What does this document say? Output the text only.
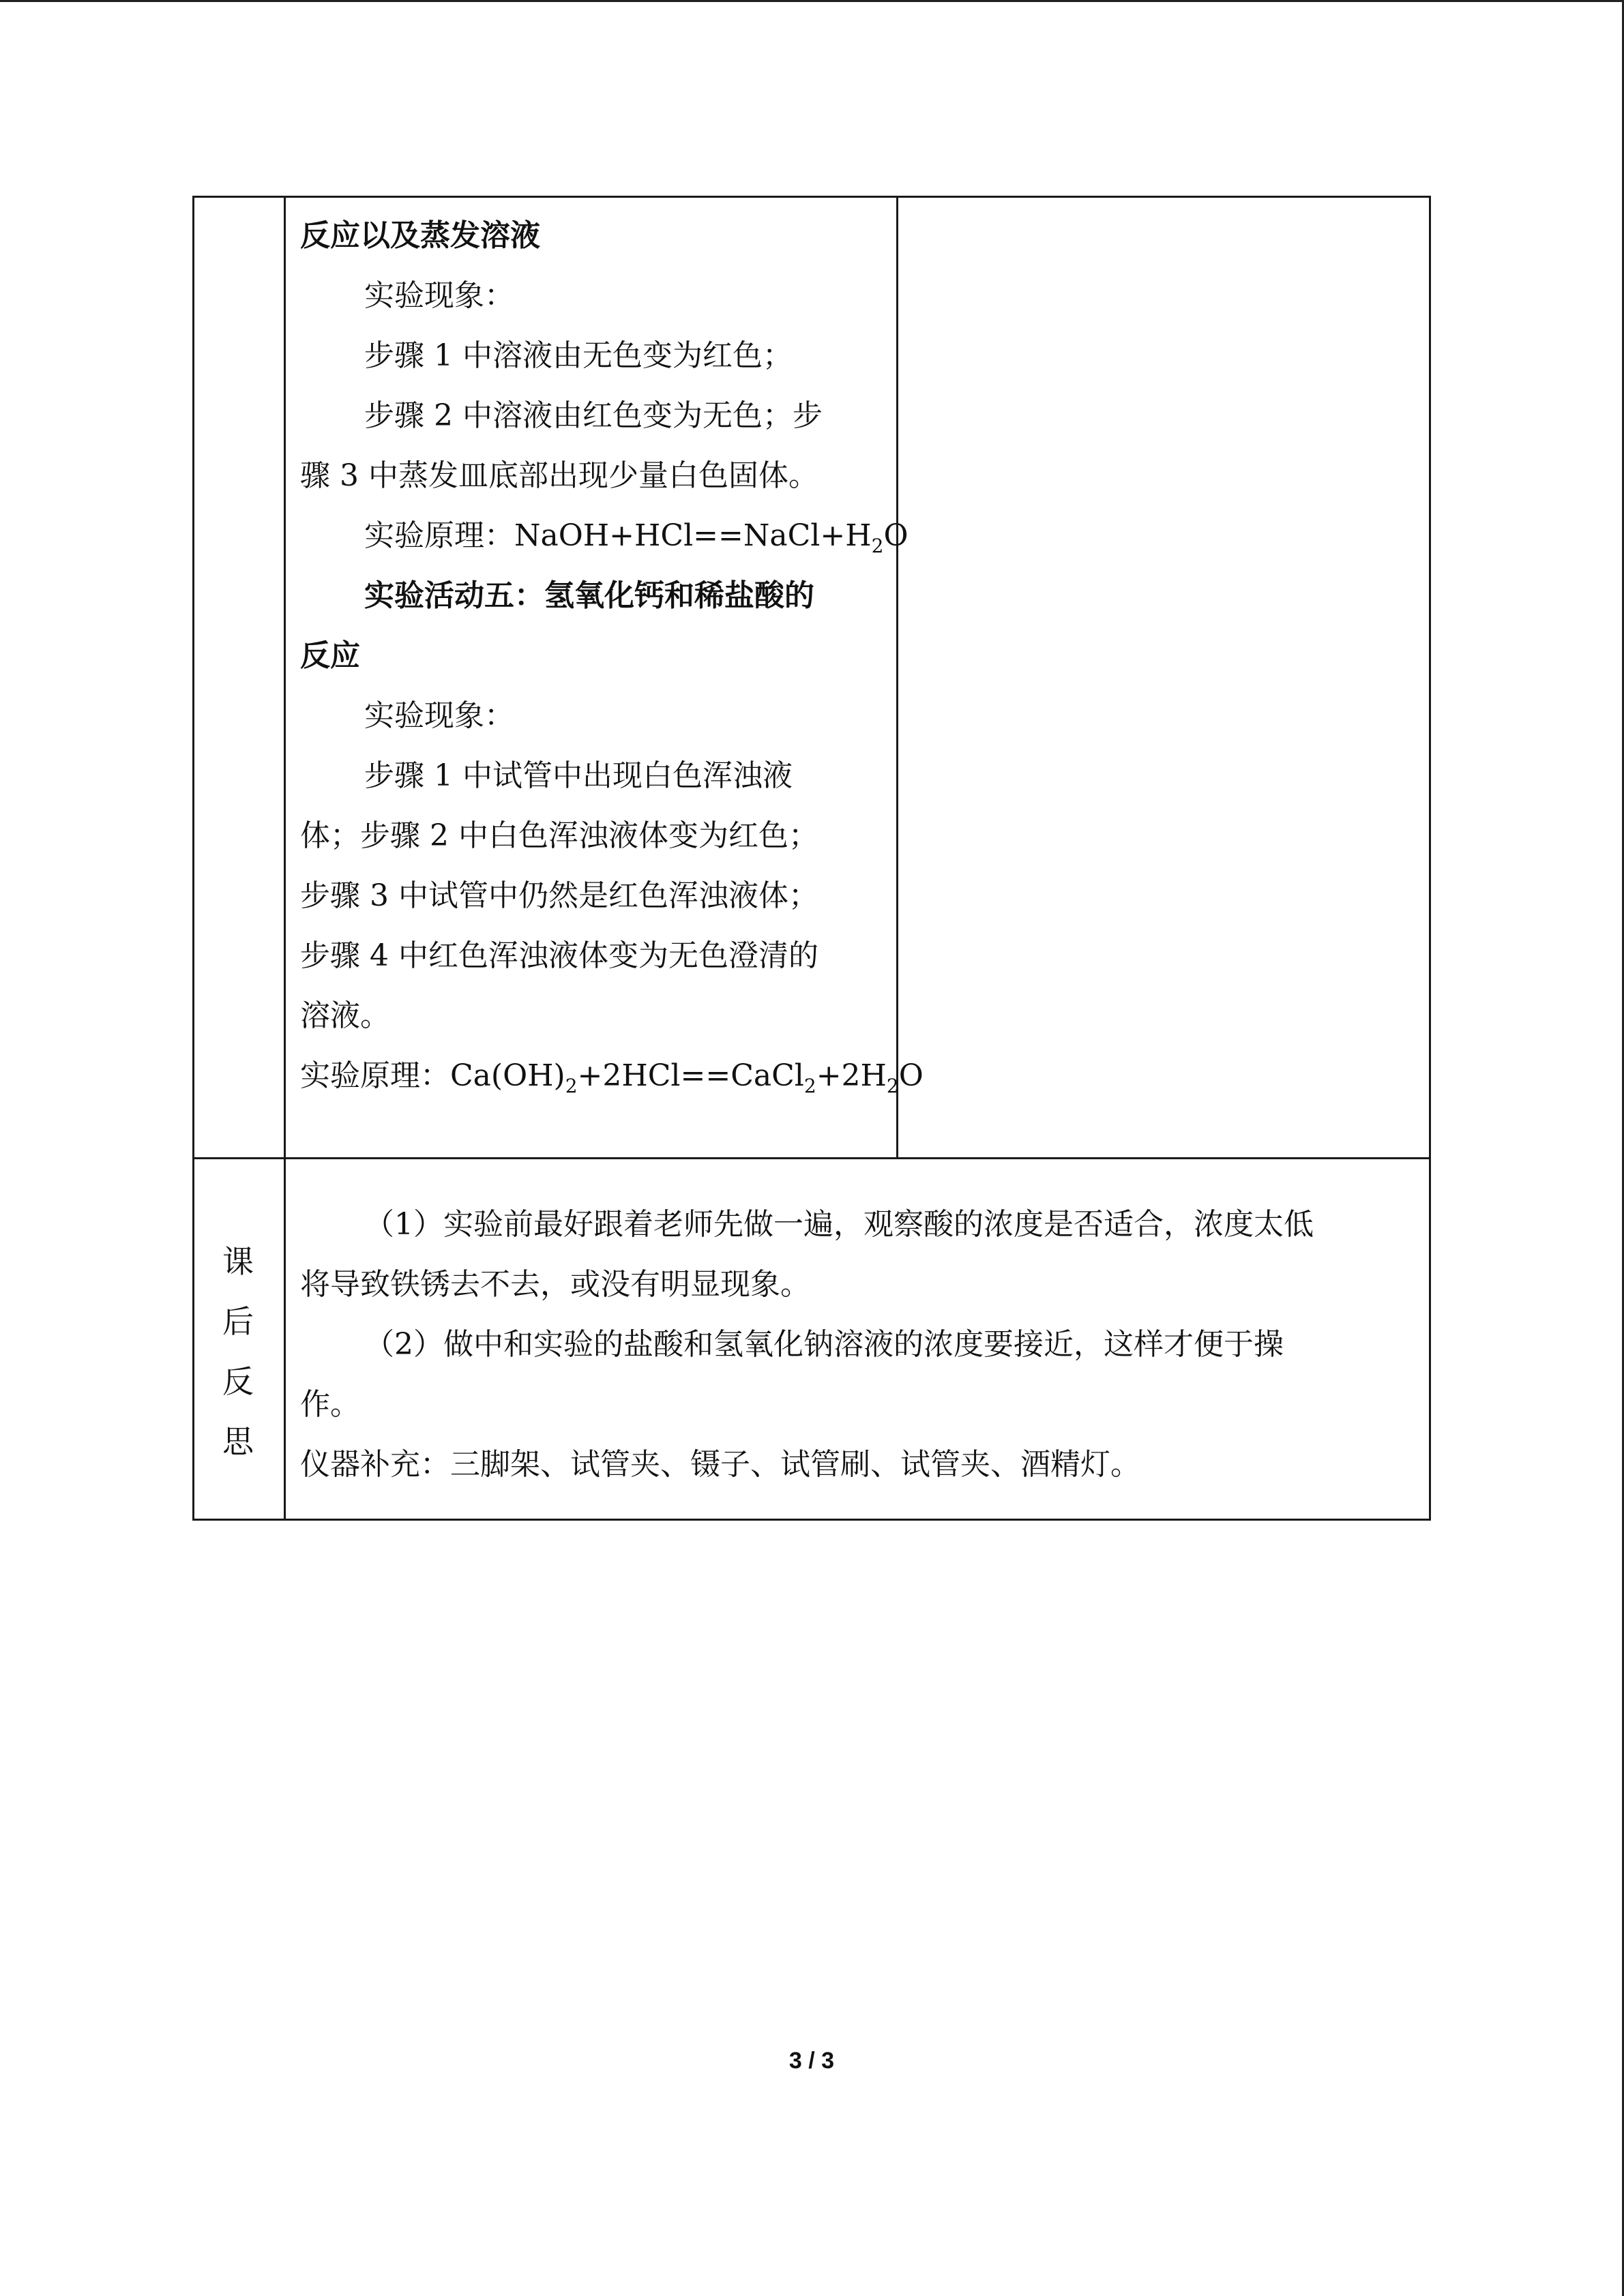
反应以及蒸发溶液
实验现象：
步骤 1 中溶液由无色变为红色；
步骤 2 中溶液由红色变为无色；步
骤 3 中蒸发皿底部出现少量白色固体。
实验原理：$NaOH+HCl==NaCl+H_2O$
实验活动五：氢氧化钙和稀盐酸的
反应
实验现象：
步骤 1 中试管中出现白色浑浊液
体；步骤 2 中白色浑浊液体变为红色；
步骤 3 中试管中仍然是红色浑浊液体；
步骤 4 中红色浑浊液体变为无色澄清的
溶液。
实验原理：$Ca(OH)_2+2HCl==CaCl_2+2H_2O$
课
后
反
思
（1）实验前最好跟着老师先做一遍，观察酸的浓度是否适合，浓度太低
将导致铁锈去不去，或没有明显现象。
（2）做中和实验的盐酸和氢氧化钠溶液的浓度要接近，这样才便于操
作。
仪器补充：三脚架、试管夹、镊子、试管刷、试管夹、酒精灯。
3 / 3
